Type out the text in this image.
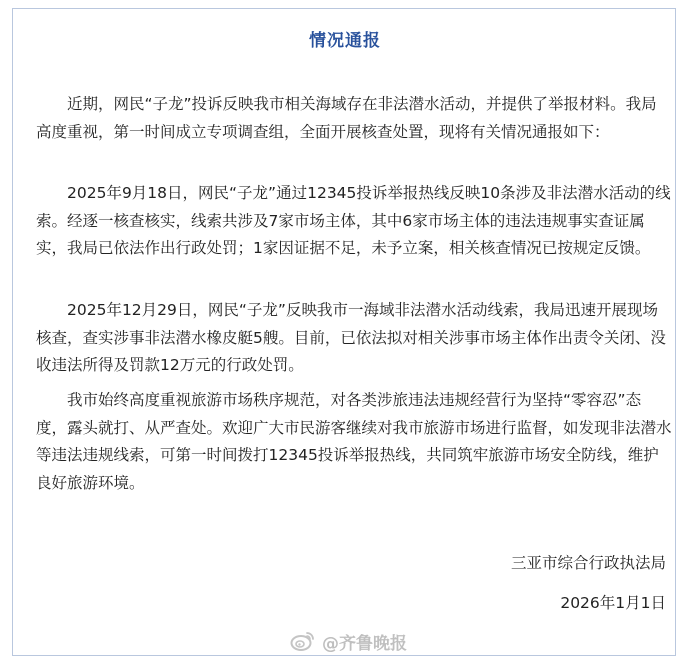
情况通报

近期，网民“子龙”投诉反映我市相关海域存在非法潜水活动，并提供了举报材料。我局高度重视，第一时间成立专项调查组，全面开展核查处置，现将有关情况通报如下：

2025年9月18日，网民“子龙”通过12345投诉举报热线反映10条涉及非法潜水活动的线索。经逐一核查核实，线索共涉及7家市场主体，其中6家市场主体的违法违规事实查证属实，我局已依法作出行政处罚；1家因证据不足，未予立案，相关核查情况已按规定反馈。

2025年12月29日，网民“子龙”反映我市一海域非法潜水活动线索，我局迅速开展现场核查，查实涉事非法潜水橡皮艇5艘。目前，已依法拟对相关涉事市场主体作出责令关闭、没收违法所得及罚款12万元的行政处罚。

我市始终高度重视旅游市场秩序规范，对各类涉旅违法违规经营行为坚持“零容忍”态度，露头就打、从严查处。欢迎广大市民游客继续对我市旅游市场进行监督，如发现非法潜水等违法违规线索，可第一时间拨打12345投诉举报热线，共同筑牢旅游市场安全防线，维护良好旅游环境。

三亚市综合行政执法局
2026年1月1日
@齐鲁晚报
